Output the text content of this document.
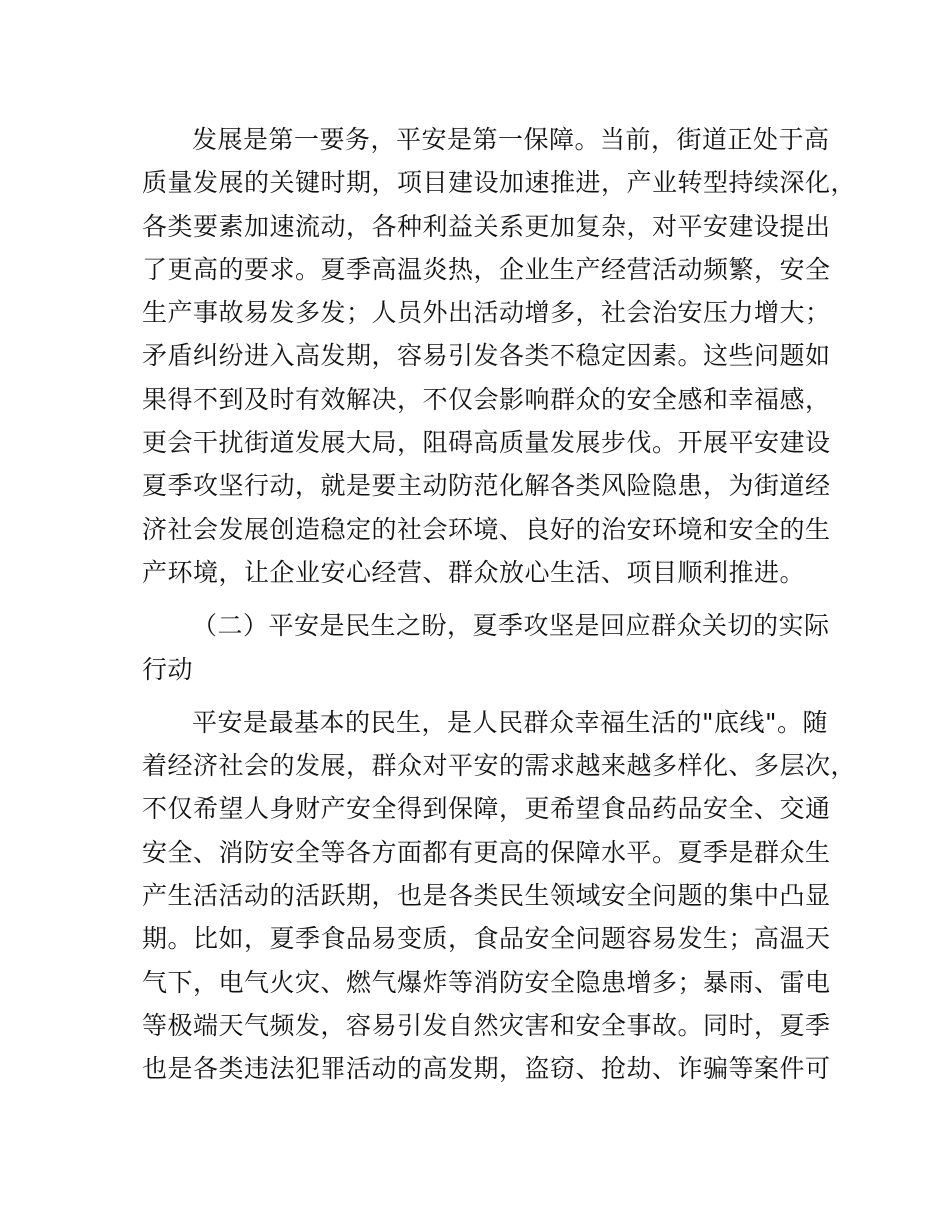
发展是第一要务，平安是第一保障。当前，街道正处于高
质量发展的关键时期，项目建设加速推进，产业转型持续深化，
各类要素加速流动，各种利益关系更加复杂，对平安建设提出
了更高的要求。夏季高温炎热，企业生产经营活动频繁，安全
生产事故易发多发；人员外出活动增多，社会治安压力增大；
矛盾纠纷进入高发期，容易引发各类不稳定因素。这些问题如
果得不到及时有效解决，不仅会影响群众的安全感和幸福感，
更会干扰街道发展大局，阻碍高质量发展步伐。开展平安建设
夏季攻坚行动，就是要主动防范化解各类风险隐患，为街道经
济社会发展创造稳定的社会环境、良好的治安环境和安全的生
产环境，让企业安心经营、群众放心生活、项目顺利推进。

（二）平安是民生之盼，夏季攻坚是回应群众关切的实际
行动

平安是最基本的民生，是人民群众幸福生活的"底线"。随
着经济社会的发展，群众对平安的需求越来越多样化、多层次，
不仅希望人身财产安全得到保障，更希望食品药品安全、交通
安全、消防安全等各方面都有更高的保障水平。夏季是群众生
产生活活动的活跃期，也是各类民生领域安全问题的集中凸显
期。比如，夏季食品易变质，食品安全问题容易发生；高温天
气下，电气火灾、燃气爆炸等消防安全隐患增多；暴雨、雷电
等极端天气频发，容易引发自然灾害和安全事故。同时，夏季
也是各类违法犯罪活动的高发期，盗窃、抢劫、诈骗等案件可
